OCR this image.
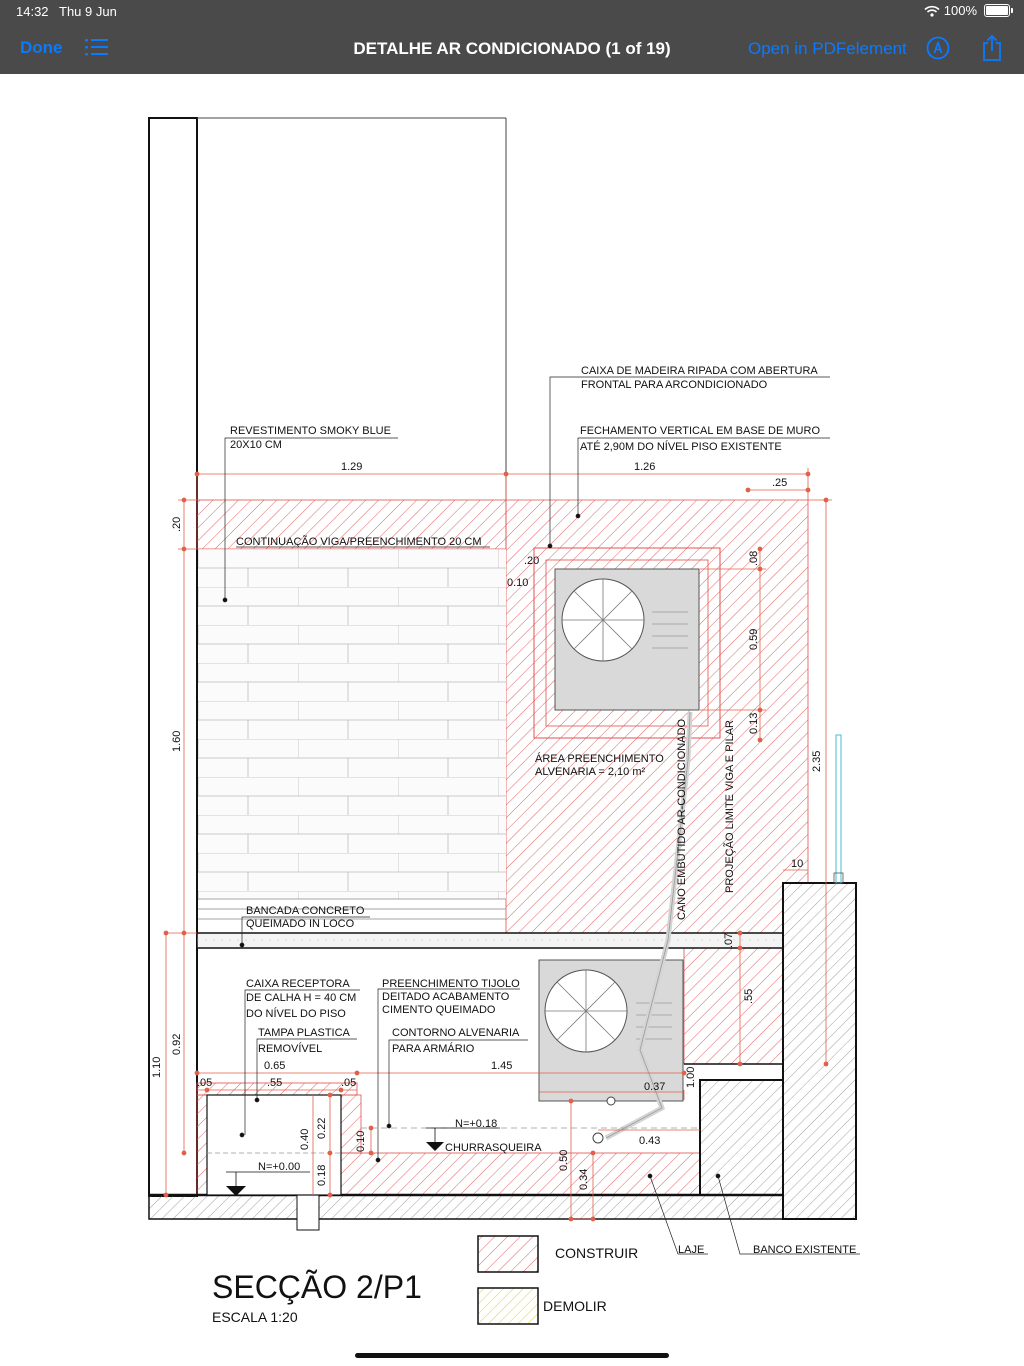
14:32 Thu 9 Jun	100%
Done	DETALHE AR CONDICIONADO (1 of 19)	Open in PDFelement
CAIXA DE MADEIRA RIPADA COM ABERTURA
FRONTAL PARA ARCONDICIONADO
FECHAMENTO VERTICAL EM BASE DE MURO
ATÉ 2,90M DO NÍVEL PISO EXISTENTE
REVESTIMENTO SMOKY BLUE
20X10 CM
CONTINUAÇÃO VIGA/PREENCHIMENTO 20 CM
ÁREA PREENCHIMENTO
ALVENARIA = 2,10 m²	CANO EMBUTIDO AR-CONDICIONADO	PROJEÇÃO LIMITE VIGA E PILAR
BANCADA CONCRETO
QUEIMADO IN LOCO
CAIXA RECEPTORA
DE CALHA H = 40 CM
DO NÍVEL DO PISO
TAMPA PLASTICA
REMOVÍVEL
PREENCHIMENTO TIJOLO
DEITADO ACABAMENTO
CIMENTO QUEIMADO
CONTORNO ALVENARIA
PARA ARMÁRIO
N=+0.18
CHURRASQUEIRA
N=+0.00
LAJE	BANCO EXISTENTE
1.29	1.26
.25
.20
.20
0.10
.08
0.59
0.13
2.35
1.60
10
.07
.55
0.92
1.10	0.65
.05	.55	.05
1.45
0.37 1.00
0.43
0.22
0.40
0.18
0.10
0.50
0.34
SECÇÃO 2/P1
ESCALA 1:20
CONSTRUIR
DEMOLIR
